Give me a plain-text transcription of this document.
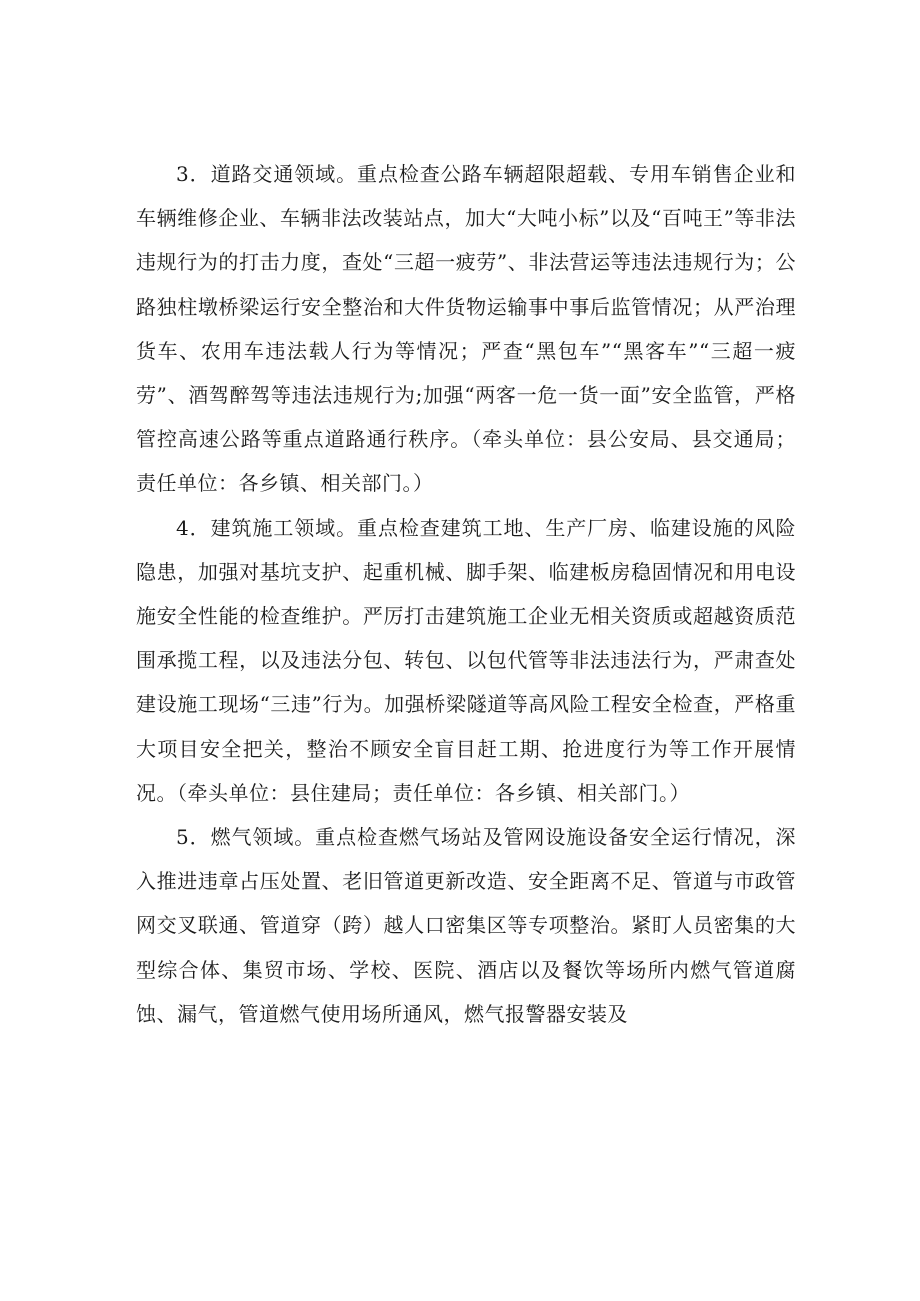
3．道路交通领域。重点检查公路车辆超限超载、专用车销售企业和车辆维修企业、车辆非法改装站点，加大“大吨小标”以及“百吨王”等非法违规行为的打击力度，查处“三超一疲劳”、非法营运等违法违规行为；公路独柱墩桥梁运行安全整治和大件货物运输事中事后监管情况；从严治理货车、农用车违法载人行为等情况；严查“黑包车”“黑客车”“三超一疲劳”、酒驾醉驾等违法违规行为;加强“两客一危一货一面”安全监管，严格管控高速公路等重点道路通行秩序。（牵头单位：县公安局、县交通局；责任单位：各乡镇、相关部门。）

4．建筑施工领域。重点检查建筑工地、生产厂房、临建设施的风险隐患，加强对基坑支护、起重机械、脚手架、临建板房稳固情况和用电设施安全性能的检查维护。严厉打击建筑施工企业无相关资质或超越资质范围承揽工程，以及违法分包、转包、以包代管等非法违法行为，严肃查处建设施工现场“三违”行为。加强桥梁隧道等高风险工程安全检查，严格重大项目安全把关，整治不顾安全盲目赶工期、抢进度行为等工作开展情况。（牵头单位：县住建局；责任单位：各乡镇、相关部门。）

5．燃气领域。重点检查燃气场站及管网设施设备安全运行情况，深入推进违章占压处置、老旧管道更新改造、安全距离不足、管道与市政管网交叉联通、管道穿（跨）越人口密集区等专项整治。紧盯人员密集的大型综合体、集贸市场、学校、医院、酒店以及餐饮等场所内燃气管道腐蚀、漏气，管道燃气使用场所通风，燃气报警器安装及
